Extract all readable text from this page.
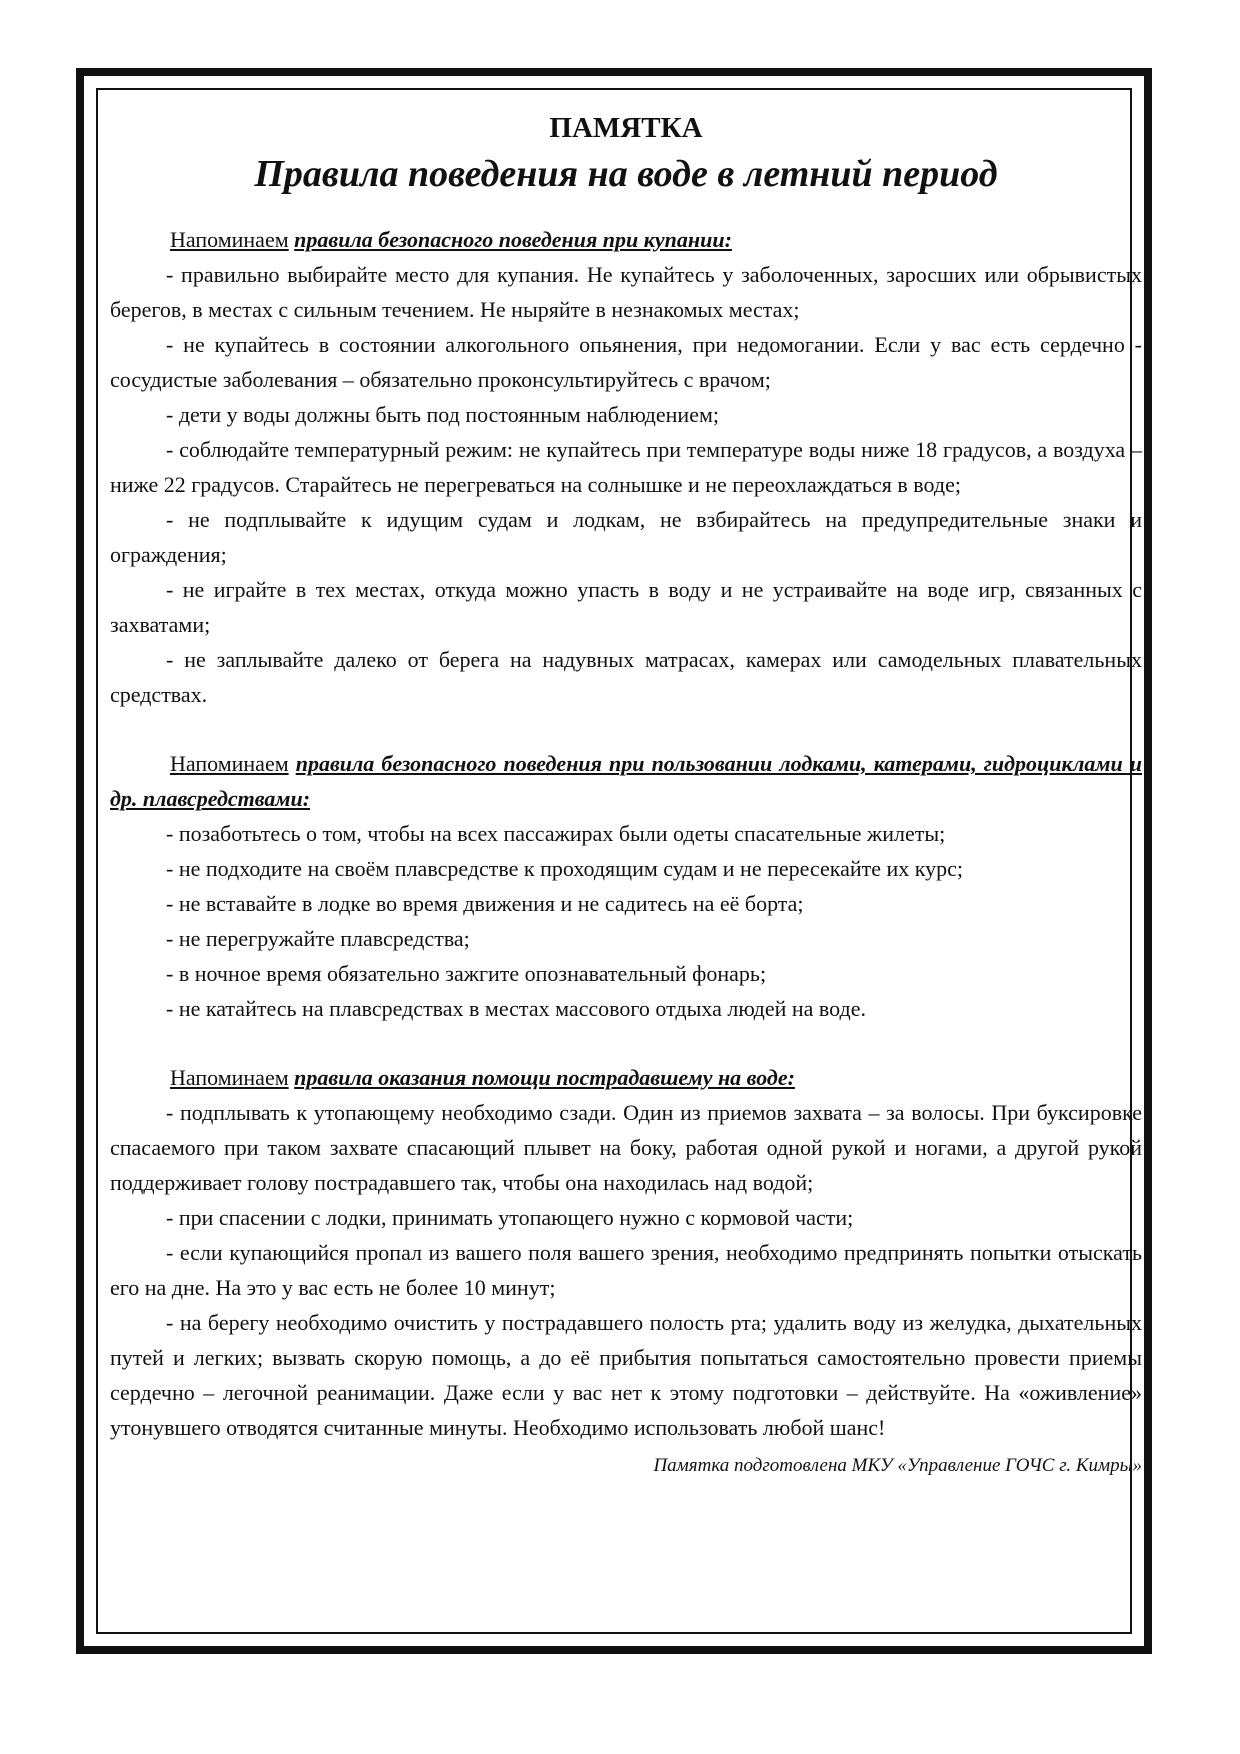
ПАМЯТКА
Правила поведения на воде в летний период

Напоминаем правила безопасного поведения при купании:

- правильно выбирайте место для купания. Не купайтесь у заболоченных, заросших или обрывистых берегов, в местах с сильным течением. Не ныряйте в незнакомых местах;

- не купайтесь в состоянии алкогольного опьянения, при недомогании. Если у вас есть сердечно - сосудистые заболевания – обязательно проконсультируйтесь с врачом;

- дети у воды должны быть под постоянным наблюдением;

- соблюдайте температурный режим: не купайтесь при температуре воды ниже 18 градусов, а воздуха – ниже 22 градусов. Старайтесь не перегреваться на солнышке и не переохлаждаться в воде;

- не подплывайте к идущим судам и лодкам, не взбирайтесь на предупредительные знаки и ограждения;

- не играйте в тех местах, откуда можно упасть в воду и не устраивайте на воде игр, связанных с захватами;

- не заплывайте далеко от берега на надувных матрасах, камерах или самодельных плавательных средствах.

Напоминаем правила безопасного поведения при пользовании лодками, катерами, гидроциклами и др. плавсредствами:

- позаботьтесь о том, чтобы на всех пассажирах были одеты спасательные жилеты;

- не подходите на своём плавсредстве к проходящим судам и не пересекайте их курс;

- не вставайте в лодке во время движения и не садитесь на её борта;

- не перегружайте плавсредства;

- в ночное время обязательно зажгите опознавательный фонарь;

- не катайтесь на плавсредствах в местах массового отдыха людей на воде.

Напоминаем правила оказания помощи пострадавшему на воде:

- подплывать к утопающему необходимо сзади. Один из приемов захвата – за волосы. При буксировке спасаемого при таком захвате спасающий плывет на боку, работая одной рукой и ногами, а другой рукой поддерживает голову пострадавшего так, чтобы она находилась над водой;

- при спасении с лодки, принимать утопающего нужно с кормовой части;

- если купающийся пропал из вашего поля вашего зрения, необходимо предпринять попытки отыскать его на дне. На это у вас есть не более 10 минут;

- на берегу необходимо очистить у пострадавшего полость рта; удалить воду из желудка, дыхательных путей и легких; вызвать скорую помощь, а до её прибытия попытаться самостоятельно провести приемы сердечно – легочной реанимации. Даже если у вас нет к этому подготовки – действуйте. На «оживление» утонувшего отводятся считанные минуты. Необходимо использовать любой шанс!

Памятка подготовлена МКУ «Управление ГОЧС г. Кимры»
